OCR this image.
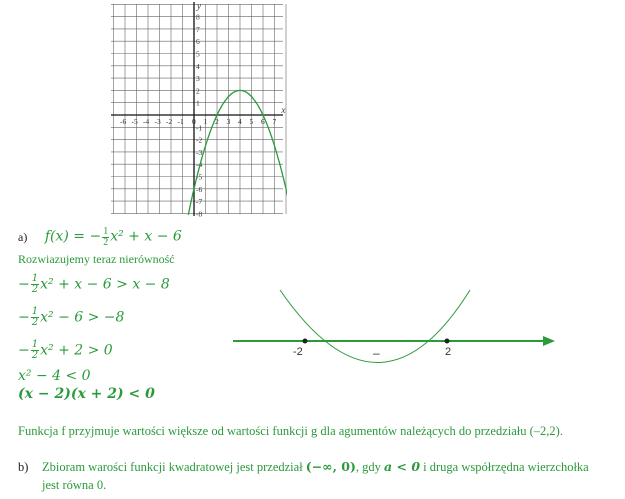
-6 -5 -4 -3 -2 -1 0 1 2 3 4 5 6 7
8
7
6
5
4
3
2
1
-1
-2
-3
-4
-5
-6
-7
-8
x
y
a) f(x) = − $\frac{1}{2} x^2 + x - 6$
Rozwiazujemy teraz nierówność
− $\frac{1}{2} x^2 + x - 6 > x - 8$
− $\frac{1}{2} x^2 - 6 > -8$
− $\frac{1}{2} x^2 + 2 > 0$
x² − 4 < 0
(x − 2)(x + 2) < 0
-2	2
–
Funkcja f przyjmuje wartości większe od wartości funkcji g dla agumentów należących do przedziału (–2,2).
b) Zbioram warości funkcji kwadratowej jest przedział (−∞, 0), gdy a < 0 i druga współrzędna wierzchołka
jest równa 0.
